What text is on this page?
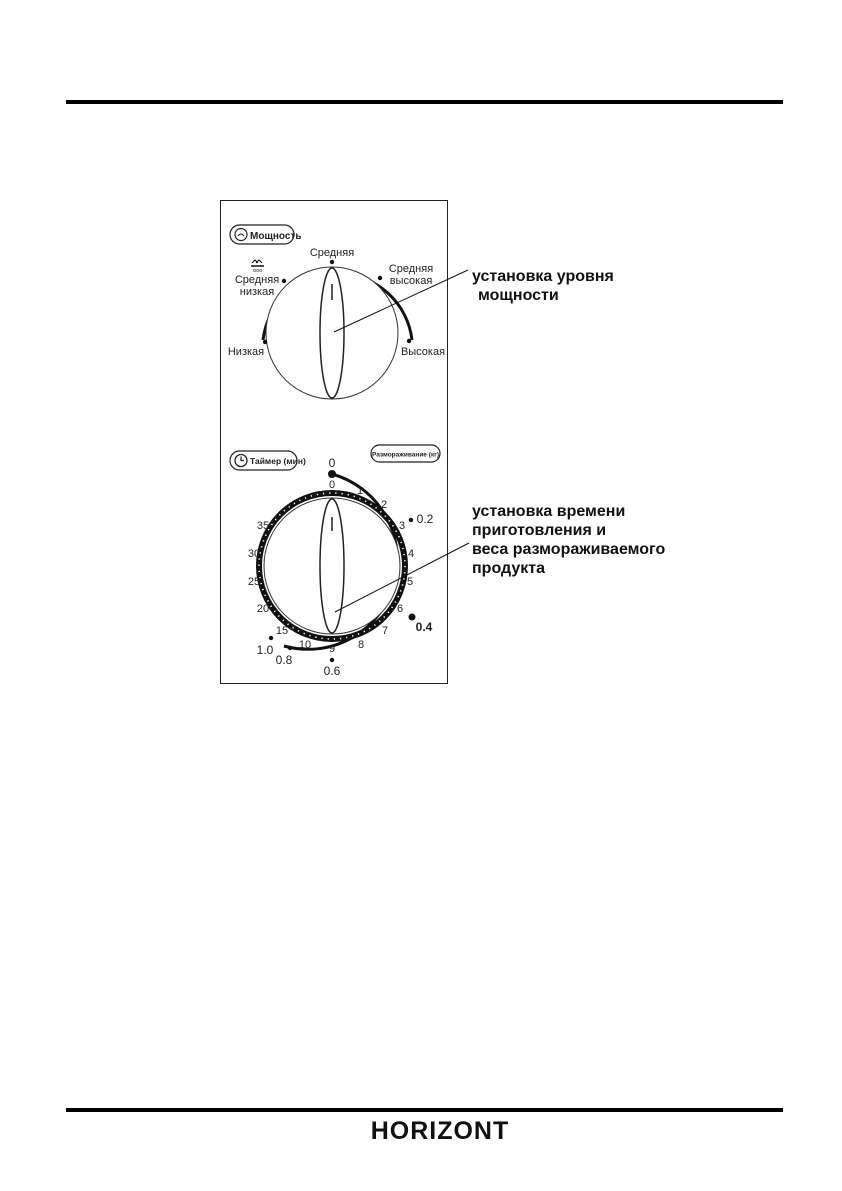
Мощность
ooo
Средняя
Средняя
низкая
Средняя
высокая
Низкая	Высокая
Таймер (мин)
Размораживание (кг)
0
0 1
2
3
4
5
6
7
8
9
10
15
20
25
30
35	0.2
0.4
0.6
0.8
1.0
установка уровня
мощности
установка времени
приготовления и
веса размораживаемого
продукта
HORIZONT
